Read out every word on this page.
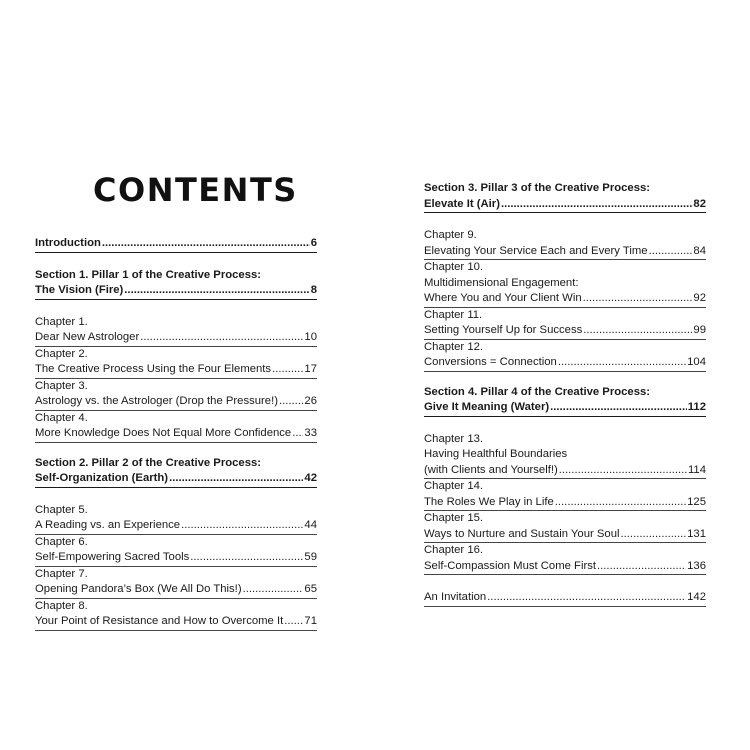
CONTENTS
Introduction .....	6
Section 1. Pillar 1 of the Creative Process:
The Vision (Fire) .....	8
Chapter 1.
Dear New Astrologer .....	10
Chapter 2.
The Creative Process Using the Four Elements .....	17
Chapter 3.
Astrology vs. the Astrologer (Drop the Pressure!) ..... 26
Chapter 4.
More Knowledge Does Not Equal More Confidence ..... 33
Section 2. Pillar 2 of the Creative Process:
Self-Organization (Earth) .....	42
Chapter 5.
A Reading vs. an Experience .....	44
Chapter 6.
Self-Empowering Sacred Tools .....	59
Chapter 7.
Opening Pandora’s Box (We All Do This!) .....	65
Chapter 8.
Your Point of Resistance and How to Overcome It ..... 71
Section 3. Pillar 3 of the Creative Process:
Elevate It (Air) .....	82
Chapter 9.
Elevating Your Service Each and Every Time .....	84
Chapter 10.
Multidimensional Engagement:
Where You and Your Client Win .....	92
Chapter 11.
Setting Yourself Up for Success .....	99
Chapter 12.
Conversions = Connection .....	104
Section 4. Pillar 4 of the Creative Process:
Give It Meaning (Water) .....	112
Chapter 13.
Having Healthful Boundaries
(with Clients and Yourself!) .....	114
Chapter 14.
The Roles We Play in Life .....	125
Chapter 15.
Ways to Nurture and Sustain Your Soul .....	131
Chapter 16.
Self-Compassion Must Come First .....	136
An Invitation .....	142
